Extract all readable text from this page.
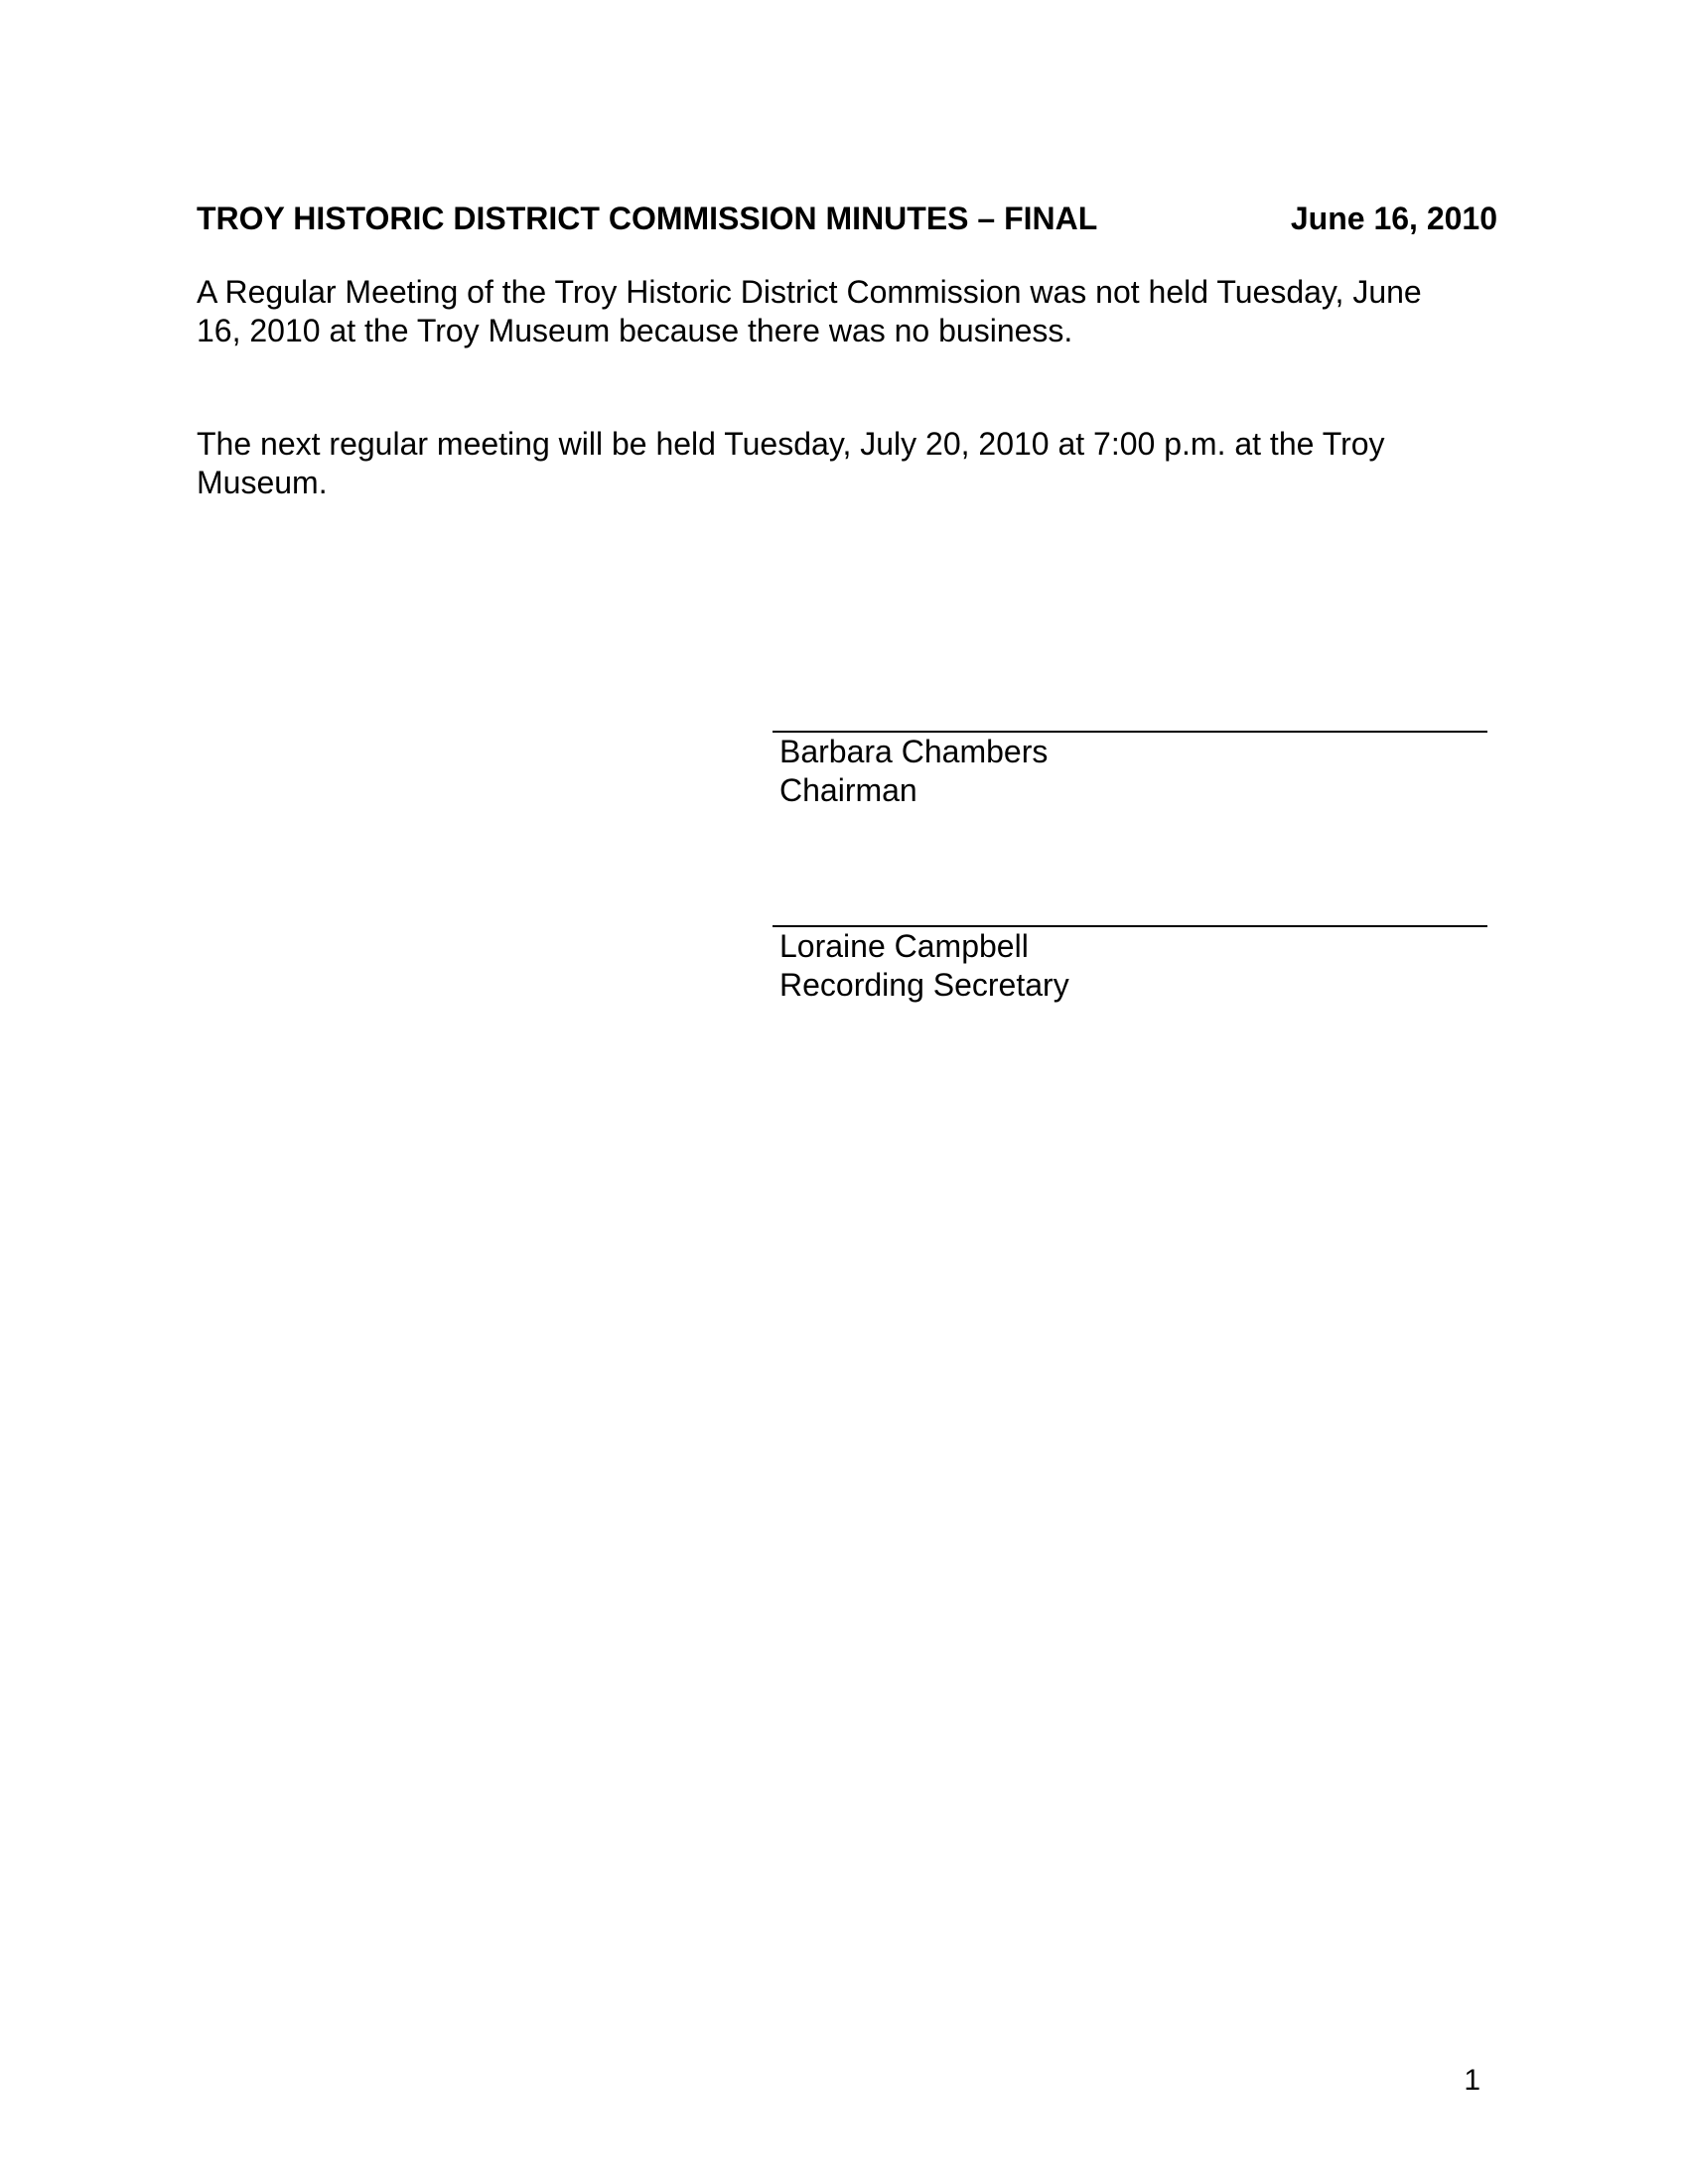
TROY HISTORIC DISTRICT COMMISSION MINUTES – FINAL	June 16, 2010

A Regular Meeting of the Troy Historic District Commission was not held Tuesday, June

16, 2010 at the Troy Museum because there was no business.

The next regular meeting will be held Tuesday, July 20, 2010 at 7:00 p.m. at the Troy

Museum.

Barbara Chambers
Chairman
Loraine Campbell
Recording Secretary
1
